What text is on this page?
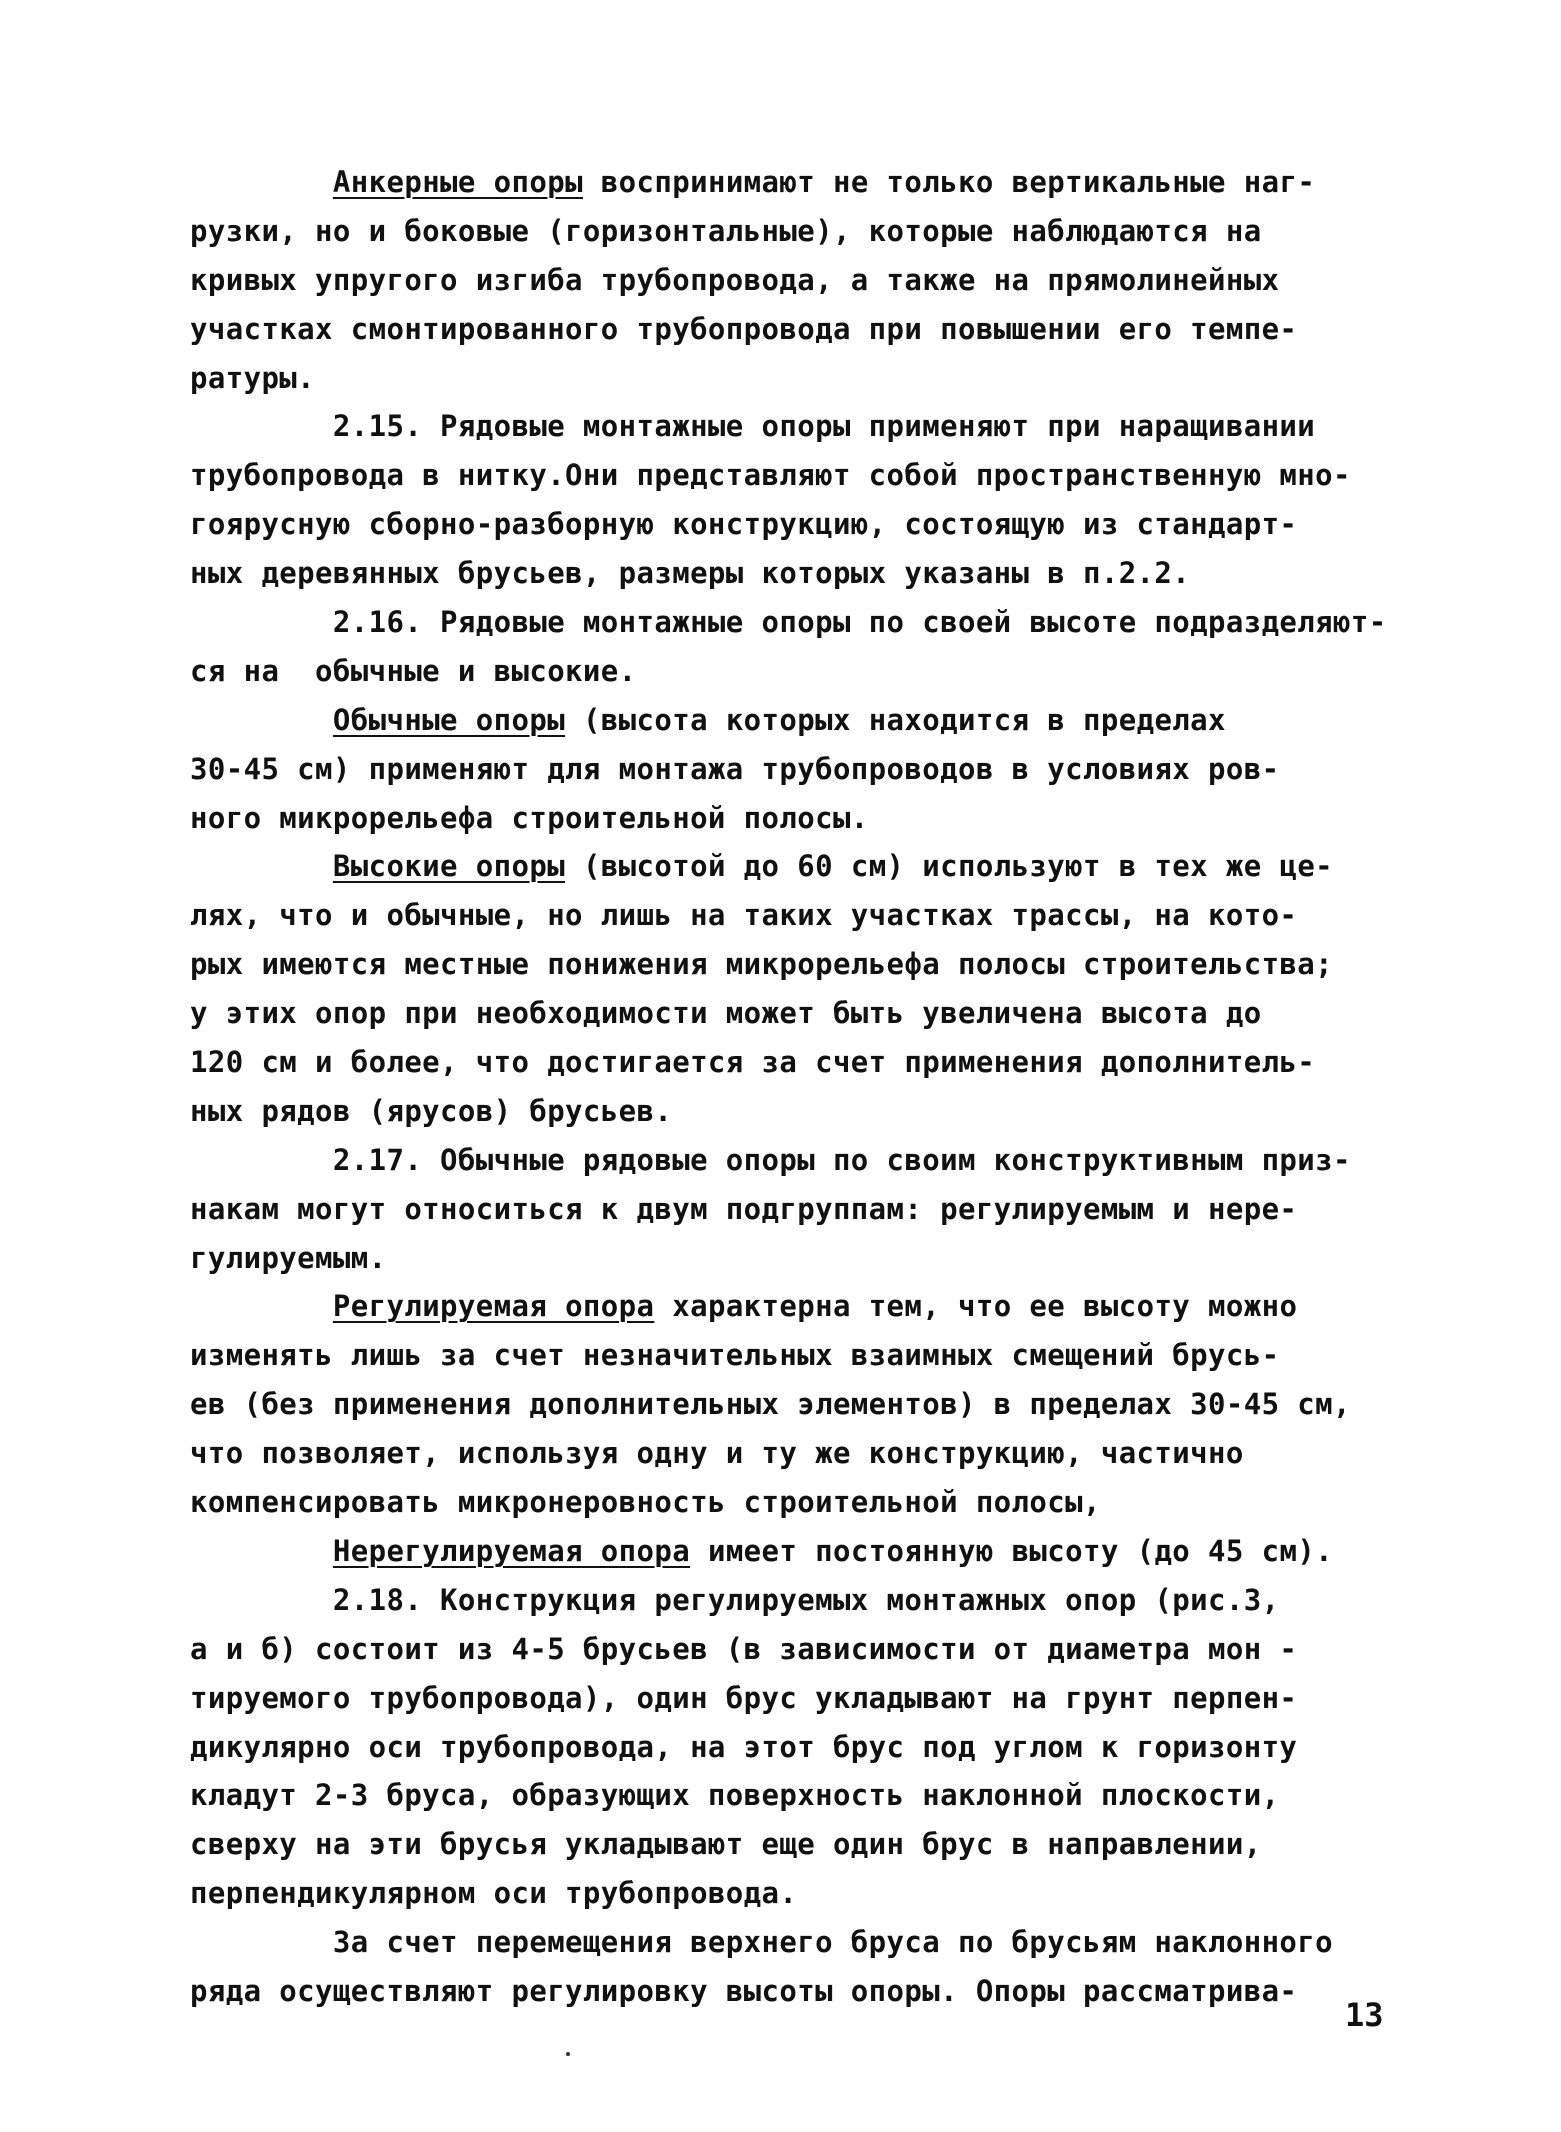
Анкерные опоры воспринимают не только вертикальные наг-
рузки, но и боковые (горизонтальные), которые наблюдаются на
кривых упругого изгиба трубопровода, а также на прямолинейных
участках смонтированного трубопровода при повышении его темпе-
ратуры.
2.15. Рядовые монтажные опоры применяют при наращивании
трубопровода в нитку.Они представляют собой пространственную мно-
гоярусную сборно-разборную конструкцию, состоящую из стандарт-
ных деревянных брусьев, размеры которых указаны в п.2.2.
2.16. Рядовые монтажные опоры по своей высоте подразделяют-
ся на  обычные и высокие.
Обычные опоры (высота которых находится в пределах
30-45 см) применяют для монтажа трубопроводов в условиях ров-
ного микрорельефа строительной полосы.
Высокие опоры (высотой до 60 см) используют в тех же це-
лях, что и обычные, но лишь на таких участках трассы, на кото-
рых имеются местные понижения микрорельефа полосы строительства;
у этих опор при необходимости может быть увеличена высота до
120 см и более, что достигается за счет применения дополнитель-
ных рядов (ярусов) брусьев.
2.17. Обычные рядовые опоры по своим конструктивным приз-
накам могут относиться к двум подгруппам: регулируемым и нере-
гулируемым.
Регулируемая опора характерна тем, что ее высоту можно
изменять лишь за счет незначительных взаимных смещений брусь-
ев (без применения дополнительных элементов) в пределах 30-45 см,
что позволяет, используя одну и ту же конструкцию, частично
компенсировать микронеровность строительной полосы,
Нерегулируемая опора имеет постоянную высоту (до 45 см).
2.18. Конструкция регулируемых монтажных опор (рис.3,
а и б) состоит из 4-5 брусьев (в зависимости от диаметра мон -
тируемого трубопровода), один брус укладывают на грунт перпен-
дикулярно оси трубопровода, на этот брус под углом к горизонту
кладут 2-3 бруса, образующих поверхность наклонной плоскости,
сверху на эти брусья укладывают еще один брус в направлении,
перпендикулярном оси трубопровода.
За счет перемещения верхнего бруса по брусьям наклонного
ряда осуществляют регулировку высоты опоры. Опоры рассматрива-
13
